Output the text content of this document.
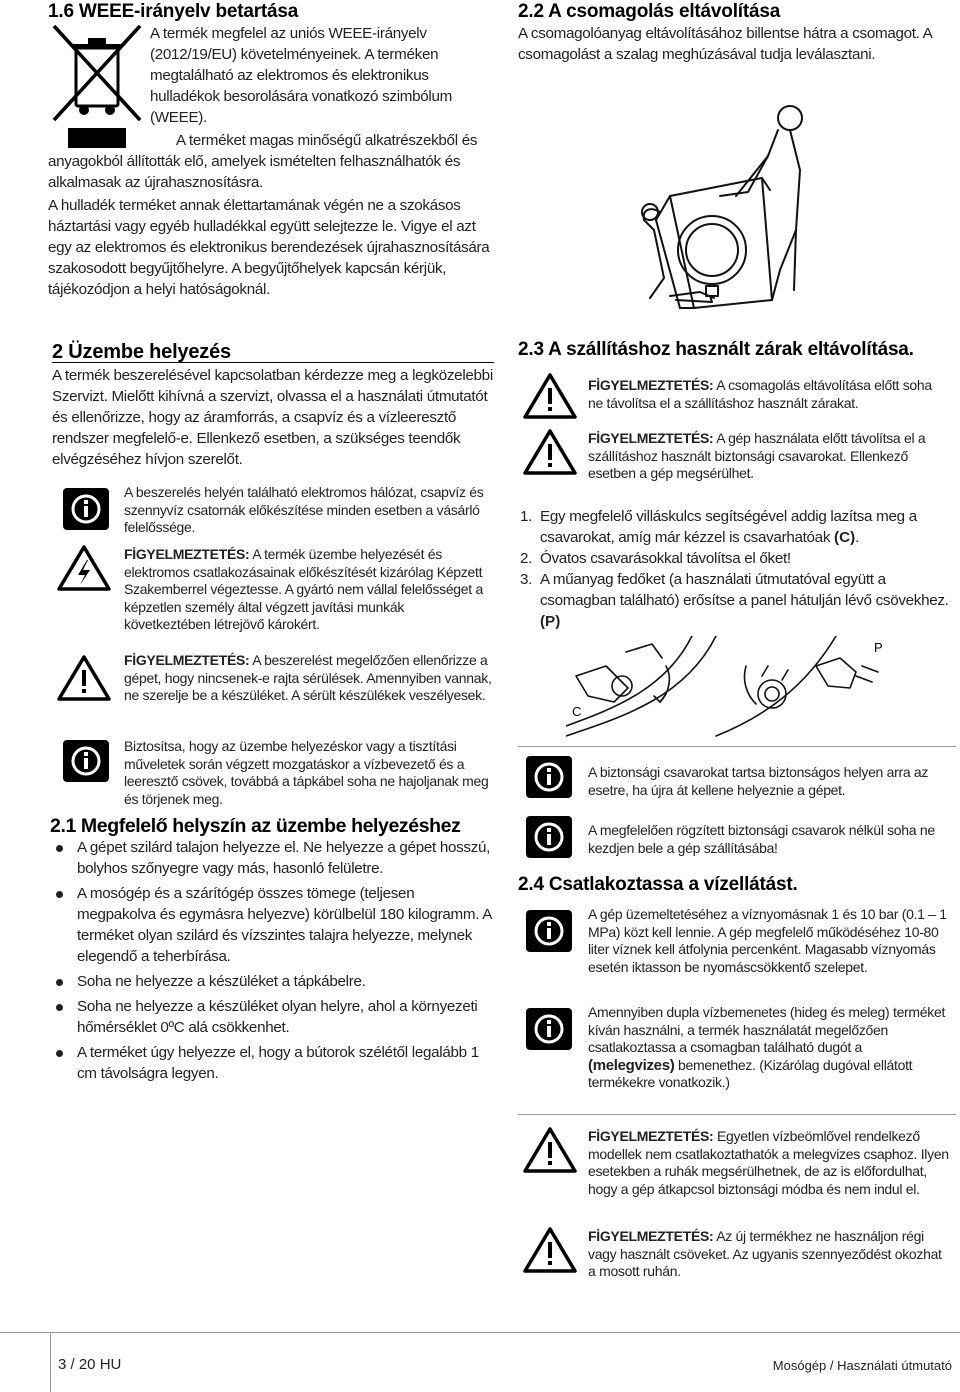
1.6 WEEE-irányelv betartása
A termék megfelel az uniós WEEE-irányelv (2012/19/EU) követelményeinek. A terméken megtalálható az elektromos és elektronikus hulladékok besorolására vonatkozó szimbólum (WEEE).
A terméket magas minőségű alkatrészekből és anyagokból állították elő, amelyek ismételten felhasználhatók és alkalmasak az újrahasznosításra.
A hulladék terméket annak élettartamának végén ne a szokásos háztartási vagy egyéb hulladékkal együtt selejtezze le. Vigye el azt egy az elektromos és elektronikus berendezések újrahasznosítására szakosodott begyűjtőhelyre. A begyűjtőhelyek kapcsán kérjük, tájékozódjon a helyi hatóságoknál.
2 Üzembe helyezés
A termék beszerelésével kapcsolatban kérdezze meg a legközelebbi Szervizt. Mielőtt kihívná a szervizt, olvassa el a használati útmutatót és ellenőrizze, hogy az áramforrás, a csapvíz és a vízleeresztő rendszer megfelelő-e. Ellenkező esetben, a szükséges teendők elvégzéséhez hívjon szerelőt.
A beszerelés helyén található elektromos hálózat, csapvíz és szennyvíz csatornák előkészítése minden esetben a vásárló felelőssége.
FİGYELMEZTETÉS: A termék üzembe helyezését és elektromos csatlakozásainak előkészítését kizárólag Képzett Szakemberrel végeztesse. A gyártó nem vállal felelősséget a képzetlen személy által végzett javítási munkák következtében létrejövő károkért.
FİGYELMEZTETÉS: A beszerelést megelőzően ellenőrizze a gépet, hogy nincsenek-e rajta sérülések. Amennyiben vannak, ne szerelje be a készüléket. A sérült készülékek veszélyesek.
Biztosítsa, hogy az üzembe helyezéskor vagy a tisztítási műveletek során végzett mozgatáskor a vízbevezető és a leeresztő csövek, továbbá a tápkábel soha ne hajoljanak meg és törjenek meg.
2.1 Megfelelő helyszín az üzembe helyezéshez
A gépet szilárd talajon helyezze el. Ne helyezze a gépet hosszú, bolyhos szőnyegre vagy más, hasonló felületre.
A mosógép és a szárítógép összes tömege (teljesen megpakolva és egymásra helyezve) körülbelül 180 kilogramm. A terméket olyan szilárd és vízszintes talajra helyezze, melynek elegendő a teherbírása.
Soha ne helyezze a készüléket a tápkábelre.
Soha ne helyezze a készüléket olyan helyre, ahol a környezeti hőmérséklet 0ºC alá csökkenhet.
A terméket úgy helyezze el, hogy a bútorok szélétől legalább 1 cm távolságra legyen.
2.2 A csomagolás eltávolítása
A csomagolóanyag eltávolításához billentse hátra a csomagot. A csomagolást a szalag meghúzásával tudja leválasztani.
2.3 A szállításhoz használt zárak eltávolítása.
FİGYELMEZTETÉS: A csomagolás eltávolítása előtt soha ne távolítsa el a szállításhoz használt zárakat.
FİGYELMEZTETÉS: A gép használata előtt távolítsa el a szállításhoz használt biztonsági csavarokat. Ellenkező esetben a gép megsérülhet.
1. Egy megfelelő villáskulcs segítségével addig lazítsa meg a csavarokat, amíg már kézzel is csavarhatóak (C).
2. Óvatos csavarásokkal távolítsa el őket!
3. A műanyag fedőket (a használati útmutatóval együtt a csomagban található) erősítse a panel hátulján lévő csövekhez. (P)
C
P
A biztonsági csavarokat tartsa biztonságos helyen arra az esetre, ha újra át kellene helyeznie a gépet.
A megfelelően rögzített biztonsági csavarok nélkül soha ne kezdjen bele a gép szállításába!
2.4 Csatlakoztassa a vízellátást.
A gép üzemeltetéséhez a víznyomásnak 1 és 10 bar (0.1 – 1 MPa) közt kell lennie. A gép megfelelő működéséhez 10-80 liter víznek kell átfolynia percenként. Magasabb víznyomás esetén iktasson be nyomáscsökkentő szelepet.
Amennyiben dupla vízbemenetes (hideg és meleg) terméket kíván használni, a termék használatát megelőzően csatlakoztassa a csomagban található dugót a (melegvizes) bemenethez. (Kizárólag dugóval ellátott termékekre vonatkozik.)
FİGYELMEZTETÉS: Egyetlen vízbeömlővel rendelkező modellek nem csatlakoztathatók a melegvizes csaphoz. Ilyen esetekben a ruhák megsérülhetnek, de az is előfordulhat, hogy a gép átkapcsol biztonsági módba és nem indul el.
FİGYELMEZTETÉS: Az új termékhez ne használjon régi vagy használt csöveket. Az ugyanis szennyeződést okozhat a mosott ruhán.
3 / 20 HU	Mosógép / Használati útmutató
